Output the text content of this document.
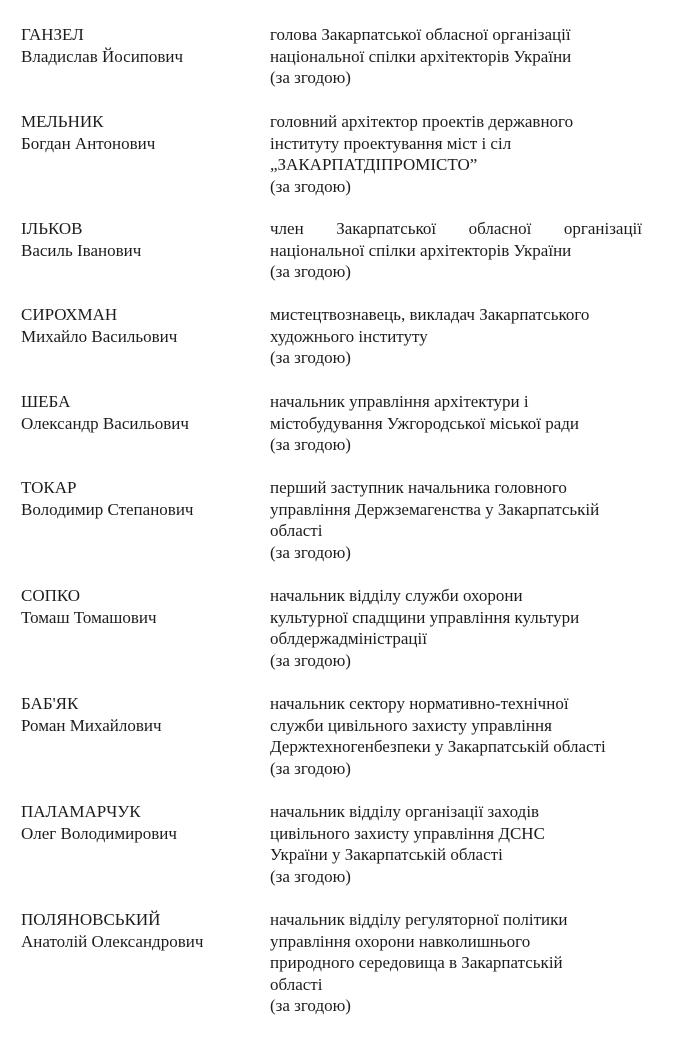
ГАНЗЕЛ
Владислав Йосипович
голова Закарпатської обласної організації
національної спілки архітекторів України
(за згодою)
МЕЛЬНИК
Богдан Антонович
головний архітектор проектів державного
інституту проектування міст і сіл
„ЗАКАРПАТДІПРОМІСТО”
(за згодою)
ІЛЬКОВ
Василь Іванович
член Закарпатської обласної організації
національної спілки архітекторів України
(за згодою)
СИРОХМАН
Михайло Васильович
мистецтвознавець, викладач Закарпатського
художнього інституту
(за згодою)
ШЕБА
Олександр Васильович
начальник управління архітектури і
містобудування Ужгородської міської ради
(за згодою)
ТОКАР
Володимир Степанович
перший заступник начальника головного
управління Держземагенства у Закарпатській
області
(за згодою)
СОПКО
Томаш Томашович
начальник відділу служби охорони
культурної спадщини управління культури
облдержадміністрації
(за згодою)
БАБ'ЯК
Роман Михайлович
начальник сектору нормативно-технічної
служби цивільного захисту управління
Держтехногенбезпеки у Закарпатській області
(за згодою)
ПАЛАМАРЧУК
Олег Володимирович
начальник відділу організації заходів
цивільного захисту управління ДСНС
України у Закарпатській області
(за згодою)
ПОЛЯНОВСЬКИЙ
Анатолій Олександрович
начальник відділу регуляторної політики
управління охорони навколишнього
природного середовища в Закарпатській
області
(за згодою)
